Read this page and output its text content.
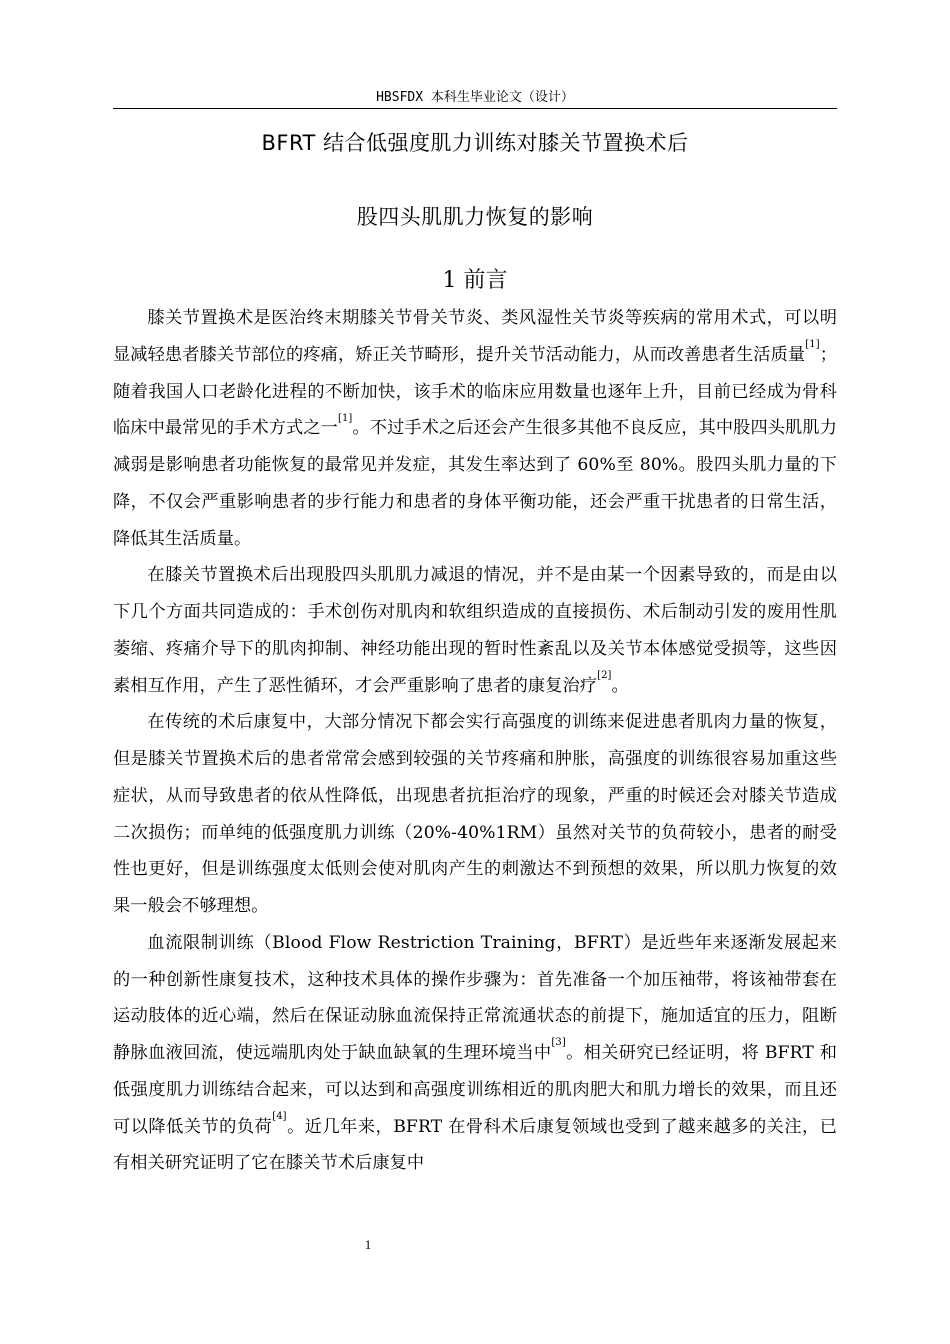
HBSFDX 本科生毕业论文（设计）
BFRT 结合低强度肌力训练对膝关节置换术后
股四头肌肌力恢复的影响
1 前言

膝关节置换术是医治终末期膝关节骨关节炎、类风湿性关节炎等疾病的常用术式，可以明显减轻患者膝关节部位的疼痛，矫正关节畸形，提升关节活动能力，从而改善患者生活质量[1]；随着我国人口老龄化进程的不断加快，该手术的临床应用数量也逐年上升，目前已经成为骨科临床中最常见的手术方式之一[1]。不过手术之后还会产生很多其他不良反应，其中股四头肌肌力减弱是影响患者功能恢复的最常见并发症，其发生率达到了 60%至 80%。股四头肌力量的下降，不仅会严重影响患者的步行能力和患者的身体平衡功能，还会严重干扰患者的日常生活，降低其生活质量。

在膝关节置换术后出现股四头肌肌力减退的情况，并不是由某一个因素导致的，而是由以下几个方面共同造成的：手术创伤对肌肉和软组织造成的直接损伤、术后制动引发的废用性肌萎缩、疼痛介导下的肌肉抑制、神经功能出现的暂时性紊乱以及关节本体感觉受损等，这些因素相互作用，产生了恶性循环，才会严重影响了患者的康复治疗[2]。

在传统的术后康复中，大部分情况下都会实行高强度的训练来促进患者肌肉力量的恢复，但是膝关节置换术后的患者常常会感到较强的关节疼痛和肿胀，高强度的训练很容易加重这些症状，从而导致患者的依从性降低，出现患者抗拒治疗的现象，严重的时候还会对膝关节造成二次损伤；而单纯的低强度肌力训练（20%-40%1RM）虽然对关节的负荷较小，患者的耐受性也更好，但是训练强度太低则会使对肌肉产生的刺激达不到预想的效果，所以肌力恢复的效果一般会不够理想。

血流限制训练（Blood Flow Restriction Training，BFRT）是近些年来逐渐发展起来的一种创新性康复技术，这种技术具体的操作步骤为：首先准备一个加压袖带，将该袖带套在运动肢体的近心端，然后在保证动脉血流保持正常流通状态的前提下，施加适宜的压力，阻断静脉血液回流，使远端肌肉处于缺血缺氧的生理环境当中[3]。相关研究已经证明，将 BFRT 和低强度肌力训练结合起来，可以达到和高强度训练相近的肌肉肥大和肌力增长的效果，而且还可以降低关节的负荷[4]。近几年来，BFRT 在骨科术后康复领域也受到了越来越多的关注，已有相关研究证明了它在膝关节术后康复中

1
